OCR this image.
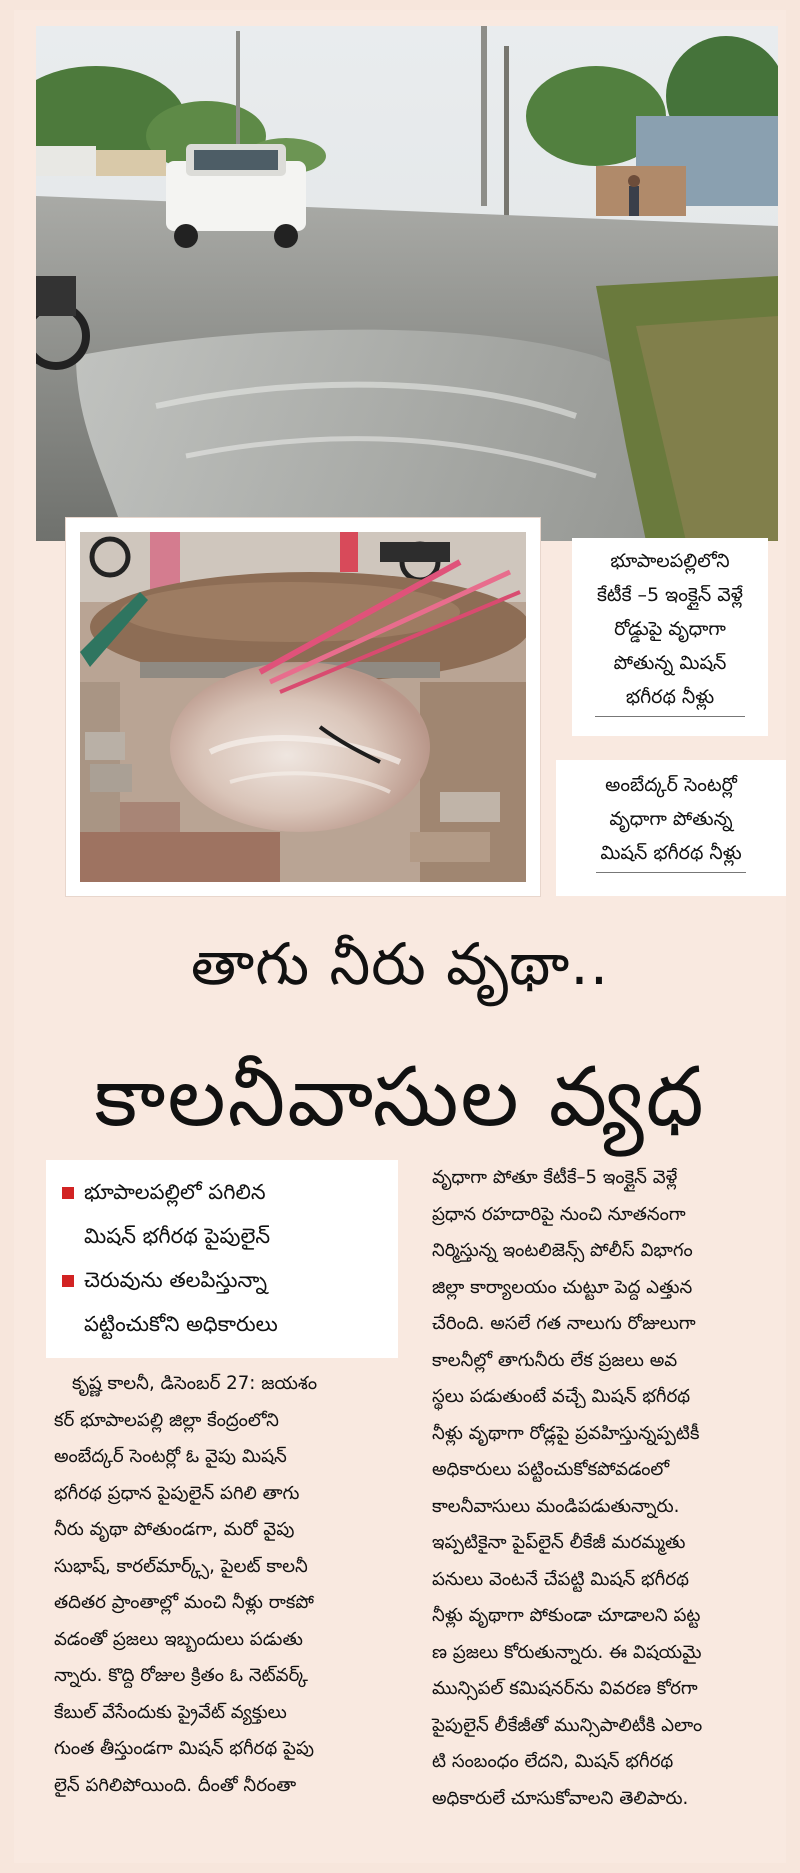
భూపాలపల్లిలోని
కేటీకే –5 ఇంక్లైన్ వెళ్లే
రోడ్డుపై వృధాగా
పోతున్న మిషన్
భగీరథ నీళ్లు
అంబేద్కర్ సెంటర్లో
వృధాగా పోతున్న
మిషన్ భగీరథ నీళ్లు
తాగు నీరు వృథా..
కాలనీవాసుల వ్యధ
భూపాలపల్లిలో పగిలిన
మిషన్ భగీరథ పైపులైన్
చెరువును తలపిస్తున్నా
పట్టించుకోని అధికారులు
కృష్ణ కాలనీ, డిసెంబర్ 27: జయశం
కర్ భూపాలపల్లి జిల్లా కేంద్రంలోని
అంబేద్కర్ సెంటర్లో ఓ వైపు మిషన్
భగీరథ ప్రధాన పైపులైన్ పగిలి తాగు
నీరు వృథా పోతుండగా, మరో వైపు
సుభాష్, కారల్‌మార్క్స్, పైలట్ కాలనీ
తదితర ప్రాంతాల్లో మంచి నీళ్లు రాకపో
వడంతో ప్రజలు ఇబ్బందులు పడుతు
న్నారు. కొద్ది రోజుల క్రితం ఓ నెట్‌వర్క్
కేబుల్ వేసేందుకు ప్రైవేట్ వ్యక్తులు
గుంత తీస్తుండగా మిషన్ భగీరథ పైపు
లైన్ పగిలిపోయింది. దీంతో నీరంతా
వృధాగా పోతూ కేటీకే–5 ఇంక్లైన్ వెళ్లే
ప్రధాన రహదారిపై నుంచి నూతనంగా
నిర్మిస్తున్న ఇంటలిజెన్స్ పోలీస్ విభాగం
జిల్లా కార్యాలయం చుట్టూ పెద్ద ఎత్తున
చేరింది. అసలే గత నాలుగు రోజులుగా
కాలనీల్లో తాగునీరు లేక ప్రజలు అవ
స్థలు పడుతుంటే వచ్చే మిషన్ భగీరథ
నీళ్లు వృథాగా రోడ్లపై ప్రవహిస్తున్నప్పటికీ
అధికారులు పట్టించుకోకపోవడంలో
కాలనీవాసులు మండిపడుతున్నారు.
ఇప్పటికైనా పైప్‌లైన్ లీకేజీ మరమ్మతు
పనులు వెంటనే చేపట్టి మిషన్ భగీరథ
నీళ్లు వృథాగా పోకుండా చూడాలని పట్ట
ణ ప్రజలు కోరుతున్నారు. ఈ విషయమై
మున్సిపల్ కమిషనర్‌ను వివరణ కోరగా
పైపులైన్ లీకేజీతో మున్సిపాలిటీకి ఎలాం
టి సంబంధం లేదని, మిషన్ భగీరథ
అధికారులే చూసుకోవాలని తెలిపారు.
